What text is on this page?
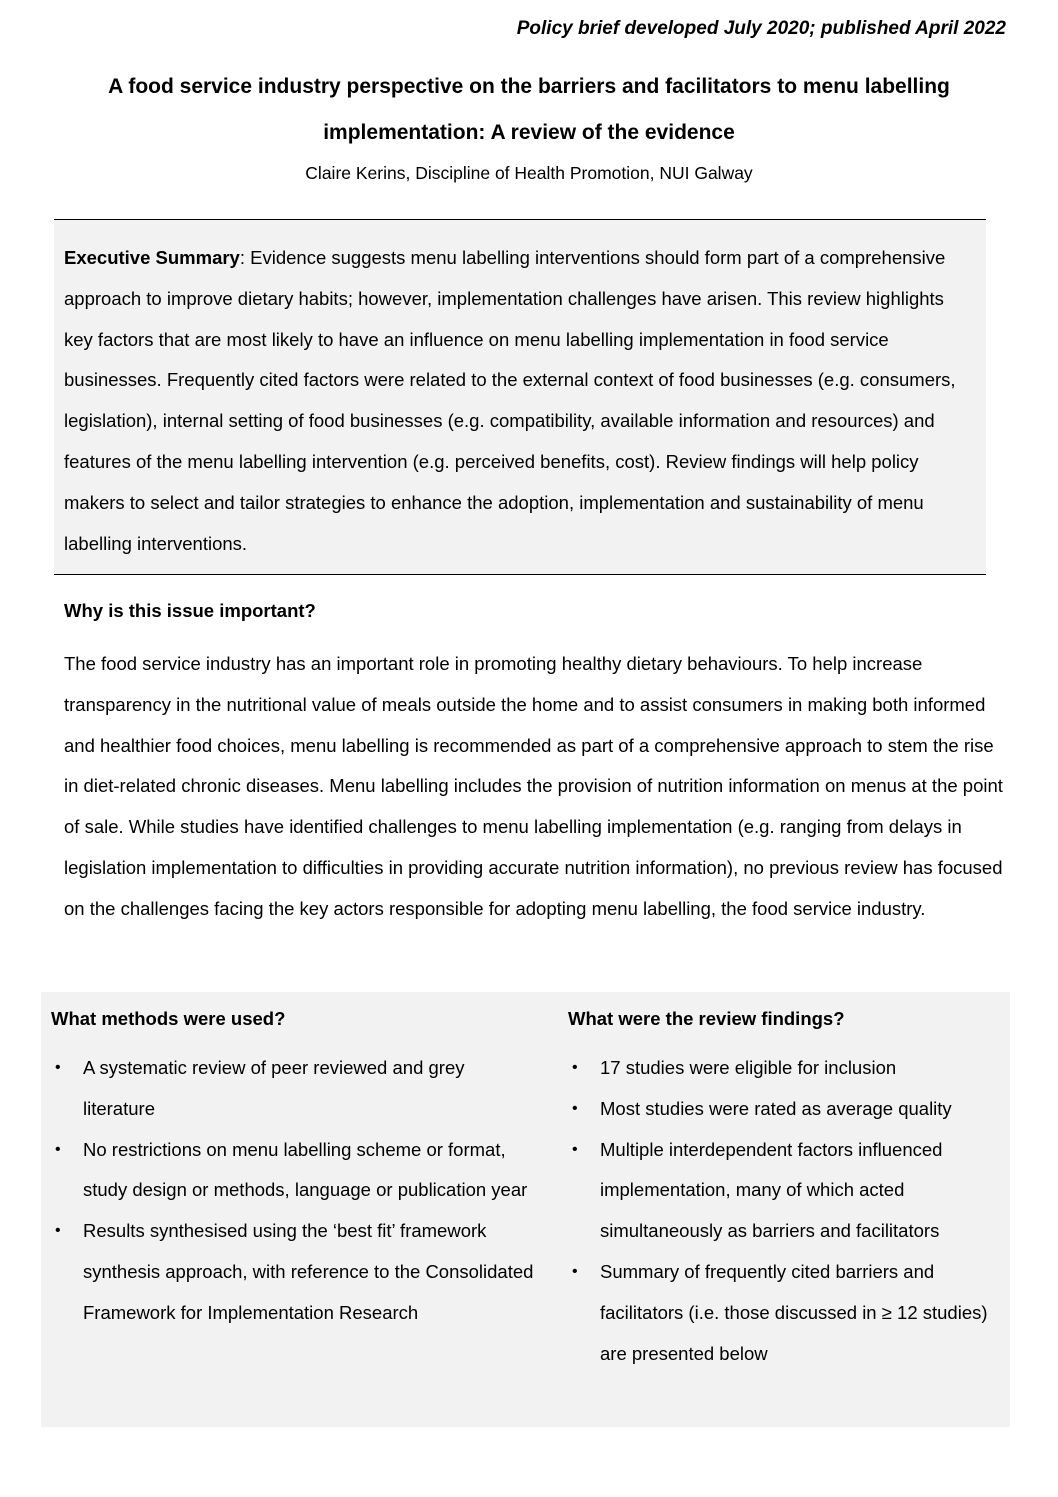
Policy brief developed July 2020; published April 2022
A food service industry perspective on the barriers and facilitators to menu labelling implementation: A review of the evidence
Claire Kerins, Discipline of Health Promotion, NUI Galway
Executive Summary: Evidence suggests menu labelling interventions should form part of a comprehensive approach to improve dietary habits; however, implementation challenges have arisen. This review highlights key factors that are most likely to have an influence on menu labelling implementation in food service businesses. Frequently cited factors were related to the external context of food businesses (e.g. consumers, legislation), internal setting of food businesses (e.g. compatibility, available information and resources) and features of the menu labelling intervention (e.g. perceived benefits, cost). Review findings will help policy makers to select and tailor strategies to enhance the adoption, implementation and sustainability of menu labelling interventions.
Why is this issue important?
The food service industry has an important role in promoting healthy dietary behaviours. To help increase transparency in the nutritional value of meals outside the home and to assist consumers in making both informed and healthier food choices, menu labelling is recommended as part of a comprehensive approach to stem the rise in diet-related chronic diseases. Menu labelling includes the provision of nutrition information on menus at the point of sale. While studies have identified challenges to menu labelling implementation (e.g. ranging from delays in legislation implementation to difficulties in providing accurate nutrition information), no previous review has focused on the challenges facing the key actors responsible for adopting menu labelling, the food service industry.
What methods were used?
• A systematic review of peer reviewed and grey literature
• No restrictions on menu labelling scheme or format, study design or methods, language or publication year
• Results synthesised using the ‘best fit’ framework synthesis approach, with reference to the Consolidated Framework for Implementation Research
What were the review findings?
• 17 studies were eligible for inclusion
• Most studies were rated as average quality
• Multiple interdependent factors influenced implementation, many of which acted simultaneously as barriers and facilitators
• Summary of frequently cited barriers and facilitators (i.e. those discussed in ≥ 12 studies) are presented below
